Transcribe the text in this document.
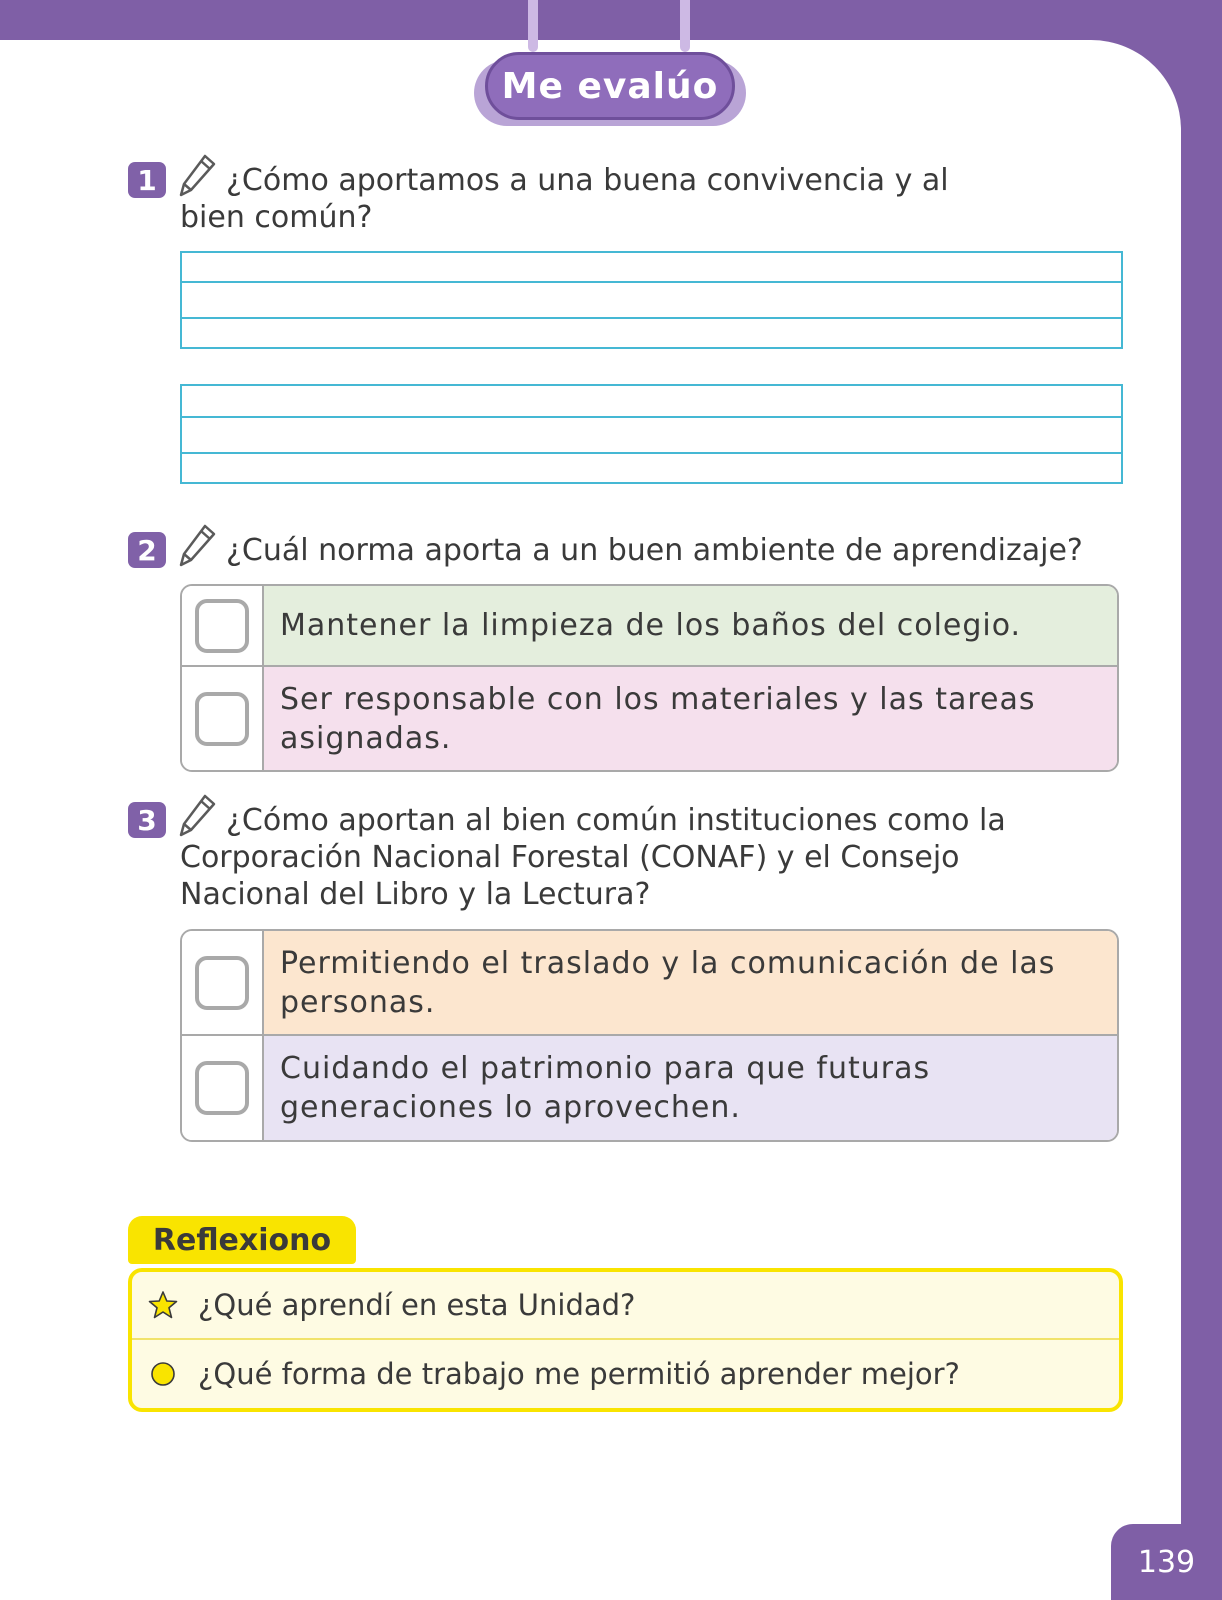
Me evalúo
1	¿Cómo aportamos a una buena convivencia y al
bien común?
2	¿Cuál norma aporta a un buen ambiente de aprendizaje?
Mantener la limpieza de los baños del colegio.
Ser responsable con los materiales y las tareas asignadas.
3	¿Cómo aportan al bien común instituciones como la
Corporación Nacional Forestal (CONAF) y el Consejo
Nacional del Libro y la Lectura?
Permitiendo el traslado y la comunicación de las personas.
Cuidando el patrimonio para que futuras generaciones lo aprovechen.
Reflexiono
¿Qué aprendí en esta Unidad?
¿Qué forma de trabajo me permitió aprender mejor?
139
